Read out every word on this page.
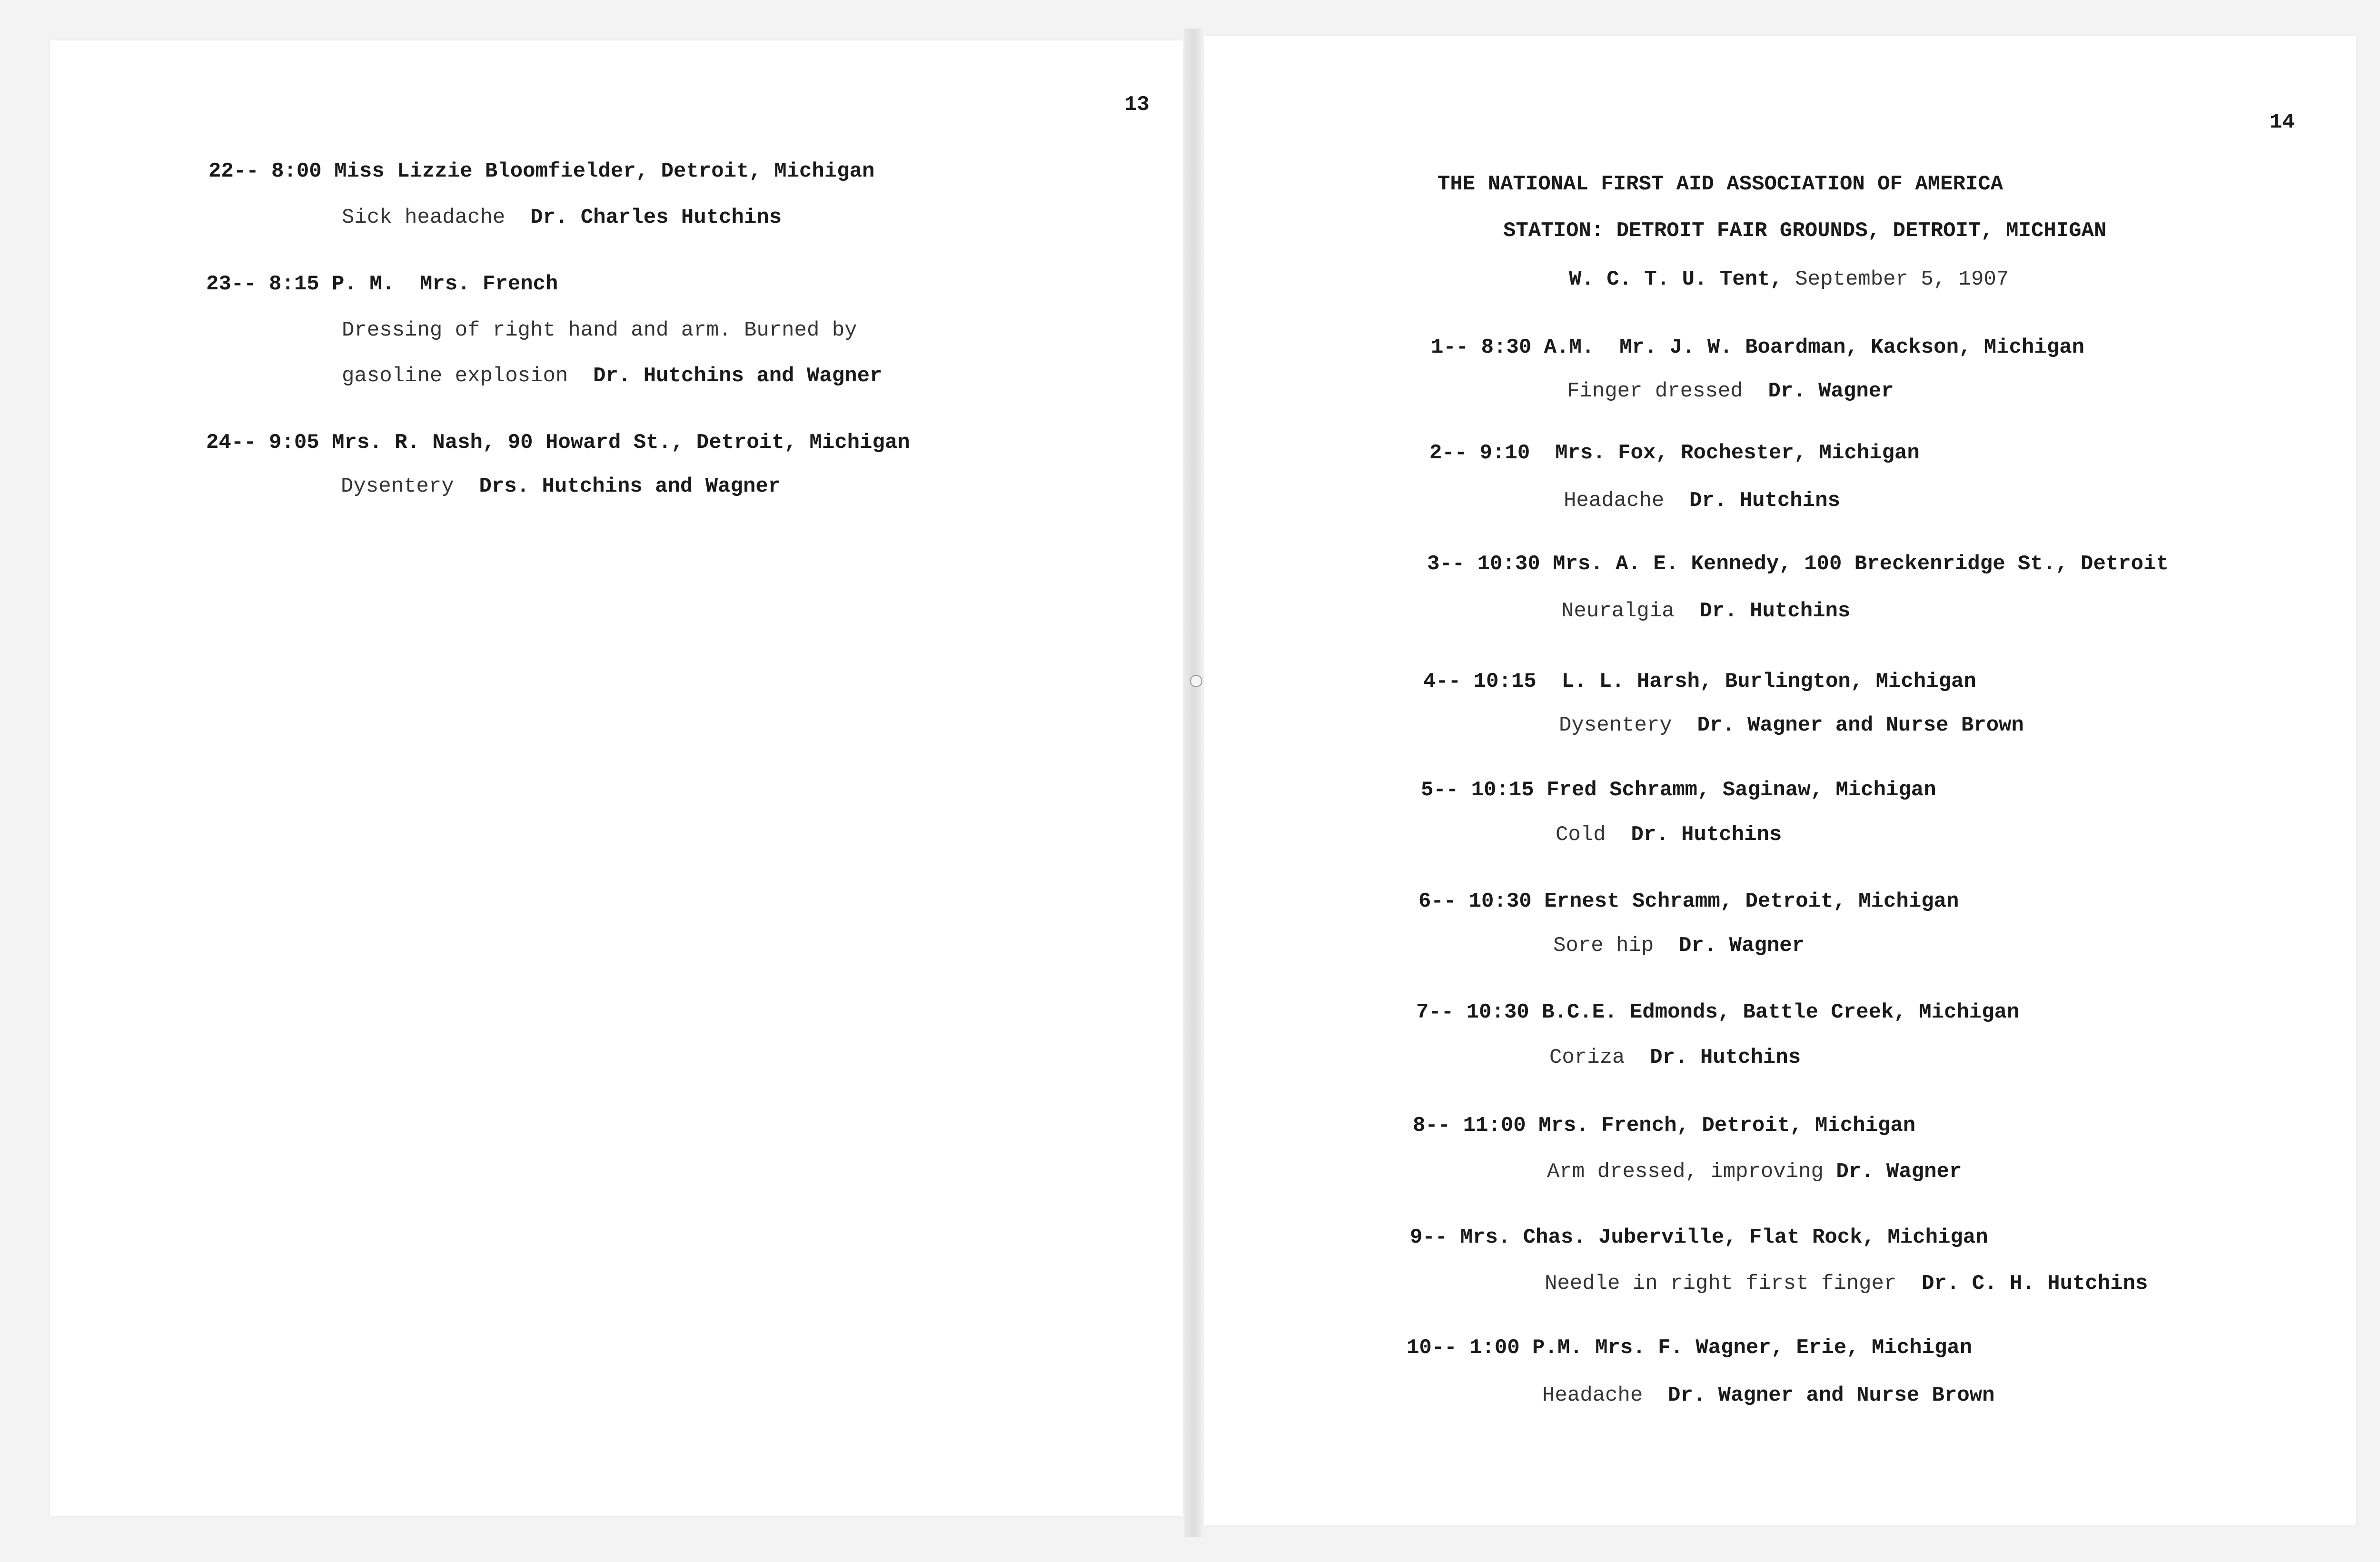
13
22-- 8:00 Miss Lizzie Bloomfielder, Detroit, Michigan
Sick headache Dr. Charles Hutchins
23-- 8:15 P. M. Mrs. French
Dressing of right hand and arm. Burned by
gasoline explosion Dr. Hutchins and Wagner
24-- 9:05 Mrs. R. Nash, 90 Howard St., Detroit, Michigan
Dysentery Drs. Hutchins and Wagner
14
THE NATIONAL FIRST AID ASSOCIATION OF AMERICA
STATION: DETROIT FAIR GROUNDS, DETROIT, MICHIGAN
W. C. T. U. Tent, September 5, 1907
1-- 8:30 A.M. Mr. J. W. Boardman, Kackson, Michigan
Finger dressed Dr. Wagner
2-- 9:10 Mrs. Fox, Rochester, Michigan
Headache Dr. Hutchins
3-- 10:30 Mrs. A. E. Kennedy, 100 Breckenridge St., Detroit
Neuralgia Dr. Hutchins
4-- 10:15 L. L. Harsh, Burlington, Michigan
Dysentery Dr. Wagner and Nurse Brown
5-- 10:15 Fred Schramm, Saginaw, Michigan
Cold Dr. Hutchins
6-- 10:30 Ernest Schramm, Detroit, Michigan
Sore hip Dr. Wagner
7-- 10:30 B.C.E. Edmonds, Battle Creek, Michigan
Coriza Dr. Hutchins
8-- 11:00 Mrs. French, Detroit, Michigan
Arm dressed, improving Dr. Wagner
9-- Mrs. Chas. Juberville, Flat Rock, Michigan
Needle in right first finger Dr. C. H. Hutchins
10-- 1:00 P.M. Mrs. F. Wagner, Erie, Michigan
Headache Dr. Wagner and Nurse Brown
